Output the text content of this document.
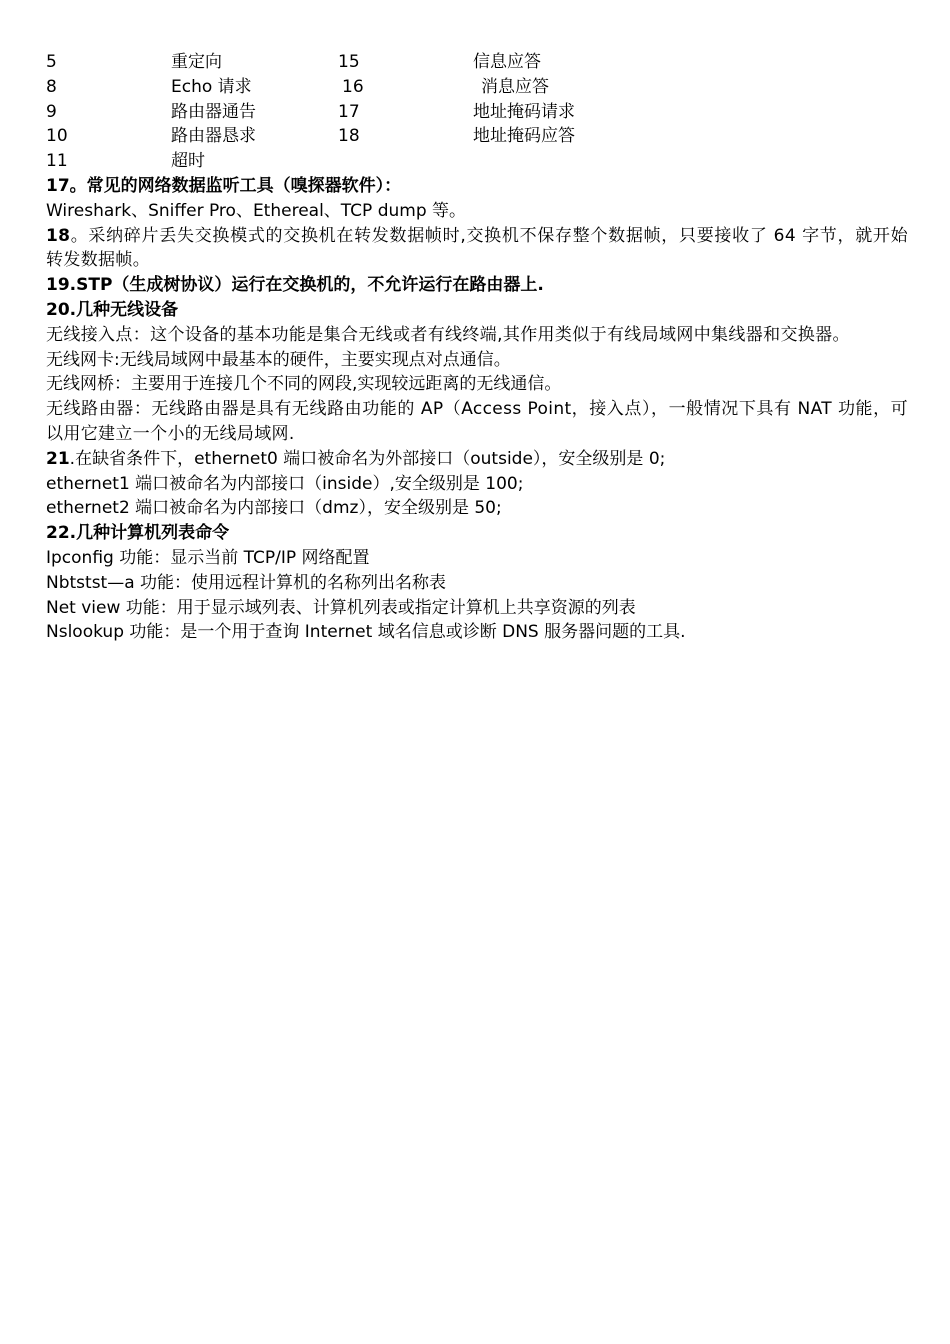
5	重定向	15	信息应答
8	Echo 请求	16	消息应答
9	路由器通告	17	地址掩码请求
10	路由器恳求	18	地址掩码应答
11	超时
17。常见的网络数据监听工具（嗅探器软件）：
Wireshark、Sniffer Pro、Ethereal、TCP dump 等。
18。采纳碎片丢失交换模式的交换机在转发数据帧时,交换机不保存整个数据帧，只要接收了 64 字节，就开始转发数据帧。
19.STP（生成树协议）运行在交换机的，不允许运行在路由器上.
20.几种无线设备
无线接入点：这个设备的基本功能是集合无线或者有线终端,其作用类似于有线局域网中集线器和交换器。
无线网卡:无线局域网中最基本的硬件，主要实现点对点通信。
无线网桥：主要用于连接几个不同的网段,实现较远距离的无线通信。
无线路由器：无线路由器是具有无线路由功能的 AP（Access Point，接入点），一般情况下具有 NAT 功能，可以用它建立一个小的无线局域网.
21.在缺省条件下，ethernet0 端口被命名为外部接口（outside），安全级别是 0;
ethernet1 端口被命名为内部接口（inside）,安全级别是 100;
ethernet2 端口被命名为内部接口（dmz），安全级别是 50;
22.几种计算机列表命令
Ipconfig 功能：显示当前 TCP/IP 网络配置
Nbtstst—a 功能：使用远程计算机的名称列出名称表
Net view 功能：用于显示域列表、计算机列表或指定计算机上共享资源的列表
Nslookup 功能：是一个用于查询 Internet 域名信息或诊断 DNS 服务器问题的工具.
